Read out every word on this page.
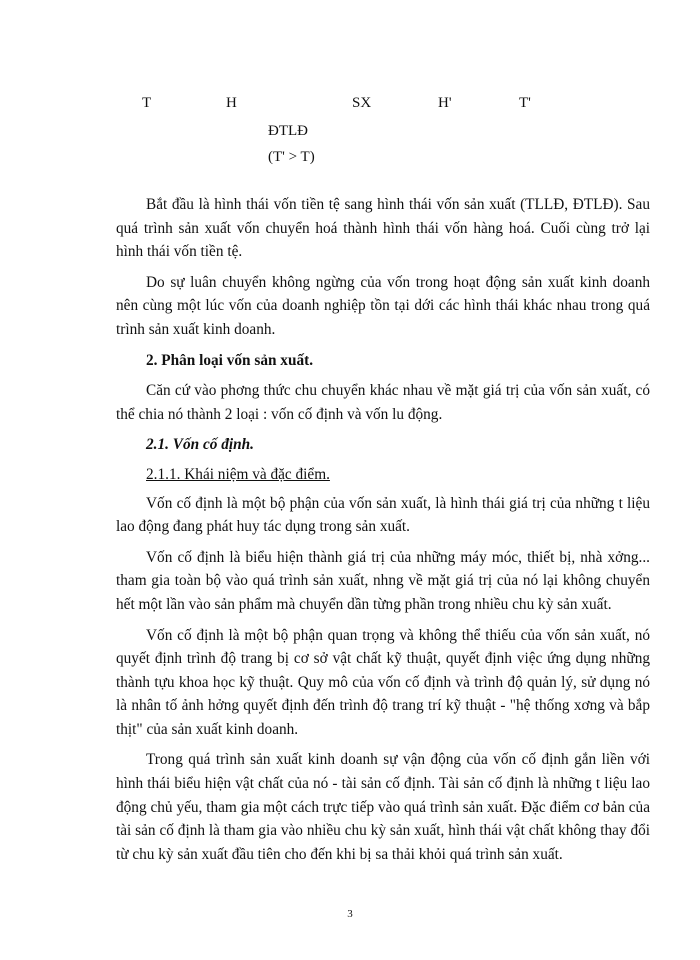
T	H	SX	H'	T'
ĐTLĐ
(T' > T)

Bắt đầu là hình thái vốn tiền tệ sang hình thái vốn sản xuất (TLLĐ, ĐTLĐ). Sau quá trình sản xuất vốn chuyển hoá thành hình thái vốn hàng hoá. Cuối cùng trở lại hình thái vốn tiền tệ.

Do sự luân chuyển không ngừng của vốn trong hoạt động sản xuất kinh doanh nên cùng một lúc vốn của doanh nghiệp tồn tại dới các hình thái khác nhau trong quá trình sản xuất kinh doanh.

2. Phân loại vốn sản xuất.

Căn cứ vào phơng thức chu chuyển khác nhau về mặt giá trị của vốn sản xuất, có thể chia nó thành 2 loại : vốn cố định và vốn lu động.

2.1. Vốn cố định.

2.1.1. Khái niệm và đặc điểm.

Vốn cố định là một bộ phận của vốn sản xuất, là hình thái giá trị của những t liệu lao động đang phát huy tác dụng trong sản xuất.

Vốn cố định là biểu hiện thành giá trị của những máy móc, thiết bị, nhà xởng... tham gia toàn bộ vào quá trình sản xuất, nhng về mặt giá trị của nó lại không chuyển hết một lần vào sản phẩm mà chuyển dần từng phần trong nhiều chu kỳ sản xuất.

Vốn cố định là một bộ phận quan trọng và không thể thiếu của vốn sản xuất, nó quyết định trình độ trang bị cơ sở vật chất kỹ thuật, quyết định việc ứng dụng những thành tựu khoa học kỹ thuật. Quy mô của vốn cố định và trình độ quản lý, sử dụng nó là nhân tố ảnh hởng quyết định đến trình độ trang trí kỹ thuật - "hệ thống xơng và bắp thịt" của sản xuất kinh doanh.

Trong quá trình sản xuất kinh doanh sự vận động của vốn cố định gắn liền với hình thái biểu hiện vật chất của nó - tài sản cố định. Tài sản cố định là những t liệu lao động chủ yếu, tham gia một cách trực tiếp vào quá trình sản xuất. Đặc điểm cơ bản của tài sản cố định là tham gia vào nhiều chu kỳ sản xuất, hình thái vật chất không thay đổi từ chu kỳ sản xuất đầu tiên cho đến khi bị sa thải khỏi quá trình sản xuất.

3
